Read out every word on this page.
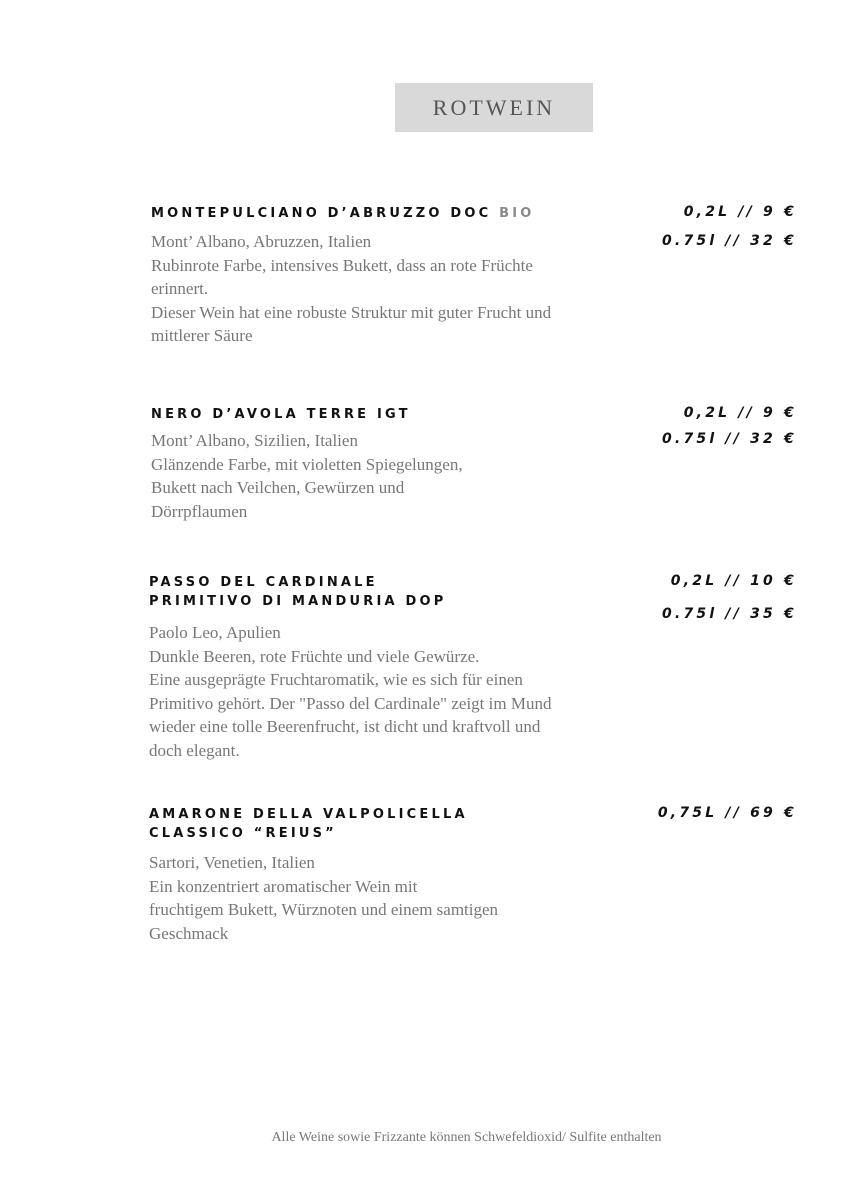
ROTWEIN
MONTEPULCIANO D’ABRUZZO DOC BIO
Mont’ Albano, Abruzzen, Italien
Rubinrote Farbe, intensives Bukett, dass an rote Früchte
erinnert.
Dieser Wein hat eine robuste Struktur mit guter Frucht und
mittlerer Säure
0,2L // 9 €
0.75l // 32 €
NERO D’AVOLA TERRE IGT
Mont’ Albano, Sizilien, Italien
Glänzende Farbe, mit violetten Spiegelungen,
Bukett nach Veilchen, Gewürzen und
Dörrpflaumen
0,2L // 9 €
0.75l // 32 €
PASSO DEL CARDINALE
PRIMITIVO DI MANDURIA DOP
Paolo Leo, Apulien
Dunkle Beeren, rote Früchte und viele Gewürze.
Eine ausgeprägte Fruchtaromatik, wie es sich für einen
Primitivo gehört. Der "Passo del Cardinale" zeigt im Mund
wieder eine tolle Beerenfrucht, ist dicht und kraftvoll und
doch elegant.
0,2L // 10 €
0.75l // 35 €
AMARONE DELLA VALPOLICELLA
CLASSICO “REIUS”
Sartori, Venetien, Italien
Ein konzentriert aromatischer Wein mit
fruchtigem Bukett, Würznoten und einem samtigen
Geschmack
0,75L // 69 €
Alle Weine sowie Frizzante können Schwefeldioxid/ Sulfite enthalten
